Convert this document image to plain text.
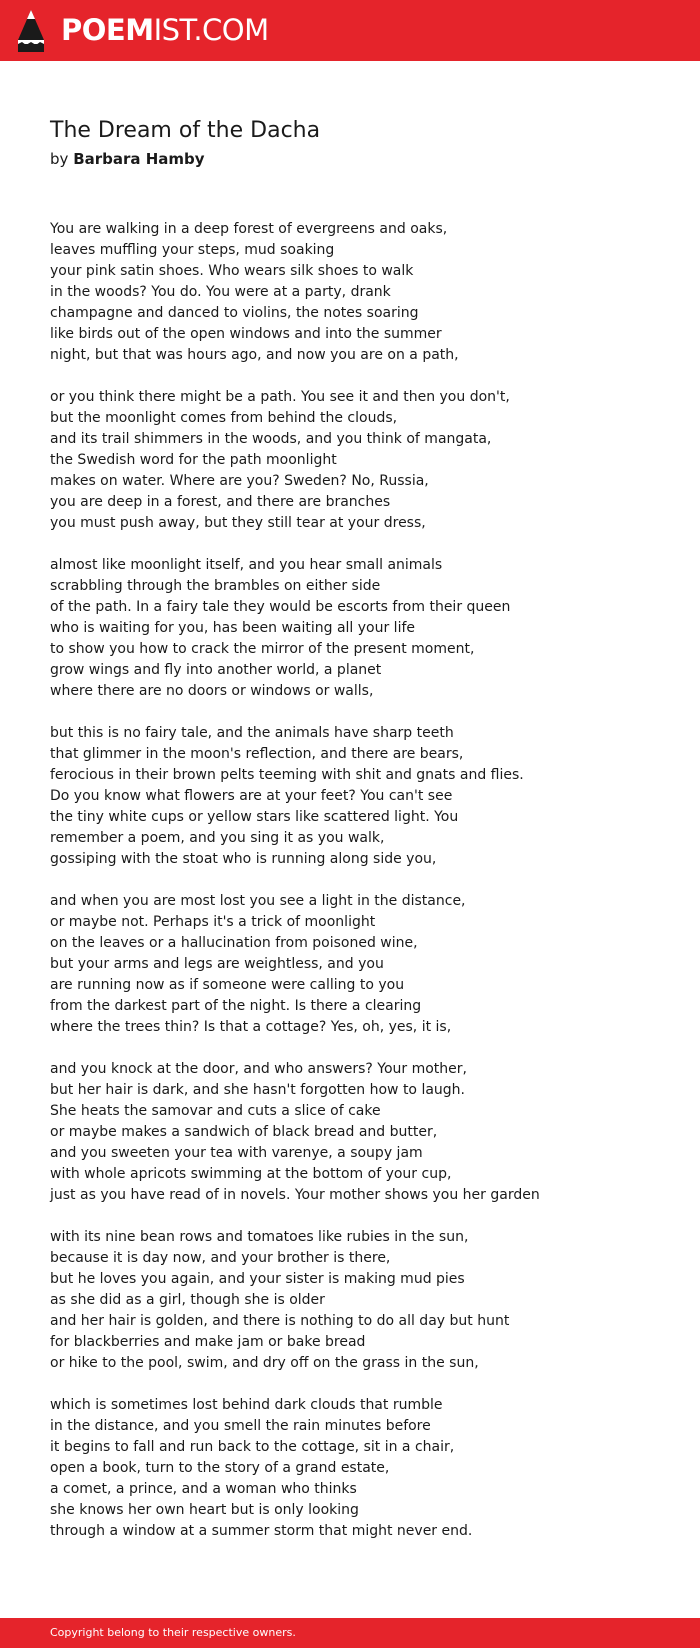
POEMIST.COM
The Dream of the Dacha
by Barbara Hamby
You are walking in a deep forest of evergreens and oaks,
leaves muffling your steps, mud soaking
your pink satin shoes. Who wears silk shoes to walk
in the woods? You do. You were at a party, drank
champagne and danced to violins, the notes soaring
like birds out of the open windows and into the summer
night, but that was hours ago, and now you are on a path,
or you think there might be a path. You see it and then you don't,
but the moonlight comes from behind the clouds,
and its trail shimmers in the woods, and you think of mangata,
the Swedish word for the path moonlight
makes on water. Where are you? Sweden? No, Russia,
you are deep in a forest, and there are branches
you must push away, but they still tear at your dress,
almost like moonlight itself, and you hear small animals
scrabbling through the brambles on either side
of the path. In a fairy tale they would be escorts from their queen
who is waiting for you, has been waiting all your life
to show you how to crack the mirror of the present moment,
grow wings and fly into another world, a planet
where there are no doors or windows or walls,
but this is no fairy tale, and the animals have sharp teeth
that glimmer in the moon's reflection, and there are bears,
ferocious in their brown pelts teeming with shit and gnats and flies.
Do you know what flowers are at your feet? You can't see
the tiny white cups or yellow stars like scattered light. You
remember a poem, and you sing it as you walk,
gossiping with the stoat who is running along side you,
and when you are most lost you see a light in the distance,
or maybe not. Perhaps it's a trick of moonlight
on the leaves or a hallucination from poisoned wine,
but your arms and legs are weightless, and you
are running now as if someone were calling to you
from the darkest part of the night. Is there a clearing
where the trees thin? Is that a cottage? Yes, oh, yes, it is,
and you knock at the door, and who answers? Your mother,
but her hair is dark, and she hasn't forgotten how to laugh.
She heats the samovar and cuts a slice of cake
or maybe makes a sandwich of black bread and butter,
and you sweeten your tea with varenye, a soupy jam
with whole apricots swimming at the bottom of your cup,
just as you have read of in novels. Your mother shows you her garden
with its nine bean rows and tomatoes like rubies in the sun,
because it is day now, and your brother is there,
but he loves you again, and your sister is making mud pies
as she did as a girl, though she is older
and her hair is golden, and there is nothing to do all day but hunt
for blackberries and make jam or bake bread
or hike to the pool, swim, and dry off on the grass in the sun,
which is sometimes lost behind dark clouds that rumble
in the distance, and you smell the rain minutes before
it begins to fall and run back to the cottage, sit in a chair,
open a book, turn to the story of a grand estate,
a comet, a prince, and a woman who thinks
she knows her own heart but is only looking
through a window at a summer storm that might never end.
Copyright belong to their respective owners.
